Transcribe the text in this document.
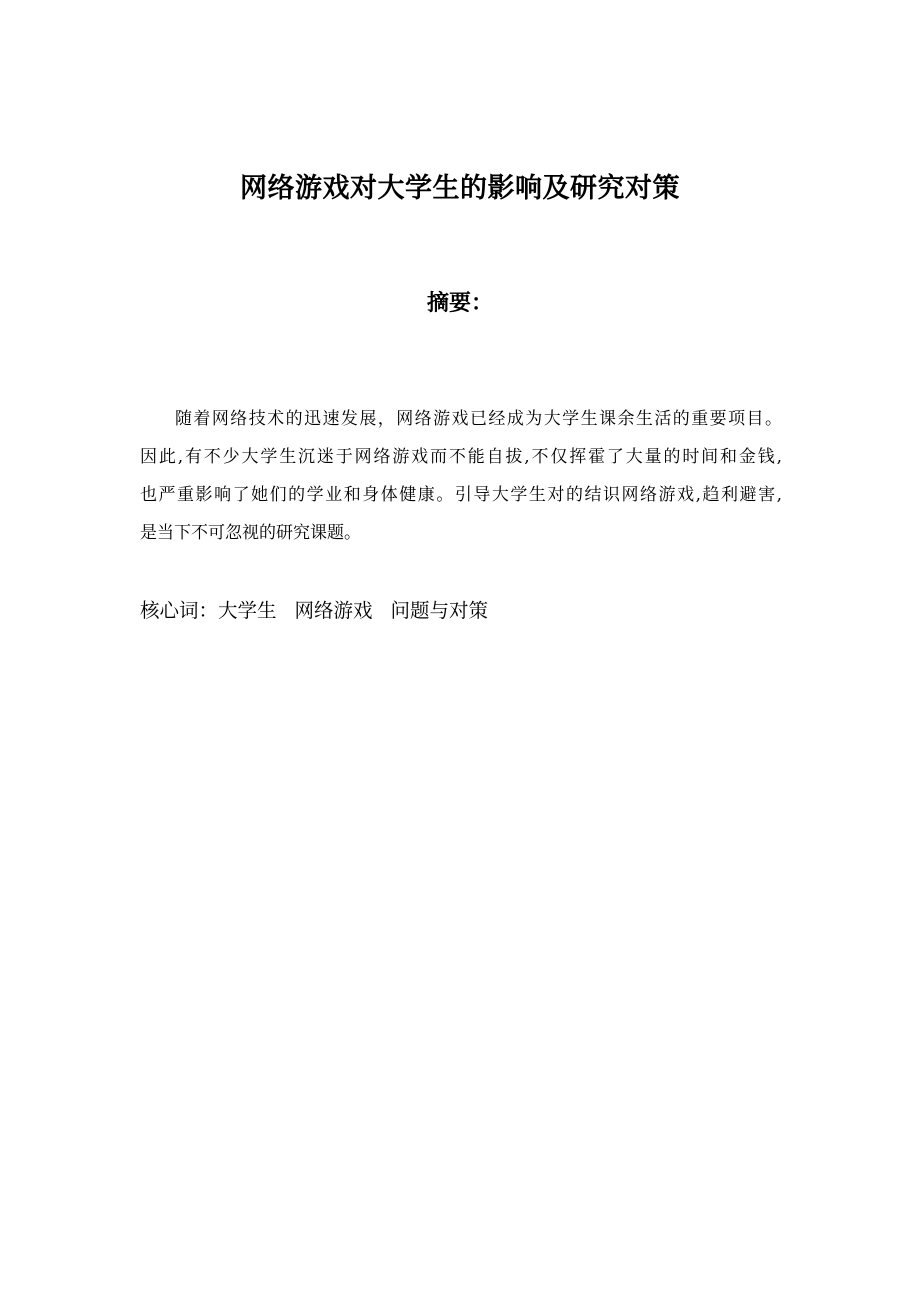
网络游戏对大学生的影响及研究对策
摘要：
随着网络技术的迅速发展，网络游戏已经成为大学生课余生活的重要项目。
因此,有不少大学生沉迷于网络游戏而不能自拔,不仅挥霍了大量的时间和金钱,
也严重影响了她们的学业和身体健康。引导大学生对的结识网络游戏,趋利避害,
是当下不可忽视的研究课题。
核心词：大学生 网络游戏 问题与对策
